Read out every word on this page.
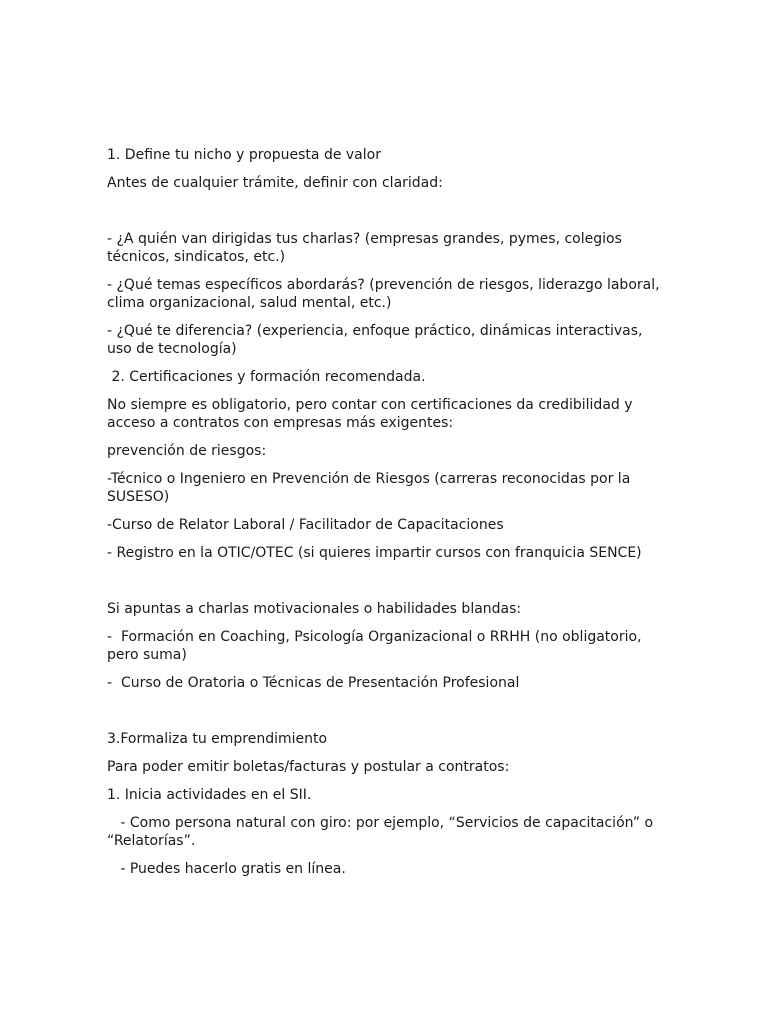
1. Define tu nicho y propuesta de valor

Antes de cualquier trámite, definir con claridad:

- ¿A quién van dirigidas tus charlas? (empresas grandes, pymes, colegios técnicos, sindicatos, etc.)

- ¿Qué temas específicos abordarás? (prevención de riesgos, liderazgo laboral, clima organizacional, salud mental, etc.)

- ¿Qué te diferencia? (experiencia, enfoque práctico, dinámicas interactivas, uso de tecnología)

2. Certificaciones y formación recomendada.

No siempre es obligatorio, pero contar con certificaciones da credibilidad y acceso a contratos con empresas más exigentes:

prevención de riesgos:

-Técnico o Ingeniero en Prevención de Riesgos (carreras reconocidas por la SUSESO)

-Curso de Relator Laboral / Facilitador de Capacitaciones

- Registro en la OTIC/OTEC (si quieres impartir cursos con franquicia SENCE)

Si apuntas a charlas motivacionales o habilidades blandas:

-  Formación en Coaching, Psicología Organizacional o RRHH (no obligatorio, pero suma)

-  Curso de Oratoria o Técnicas de Presentación Profesional

3.Formaliza tu emprendimiento

Para poder emitir boletas/facturas y postular a contratos:

1. Inicia actividades en el SII.

- Como persona natural con giro: por ejemplo, “Servicios de capacitación” o “Relatorías”.

- Puedes hacerlo gratis en línea.
